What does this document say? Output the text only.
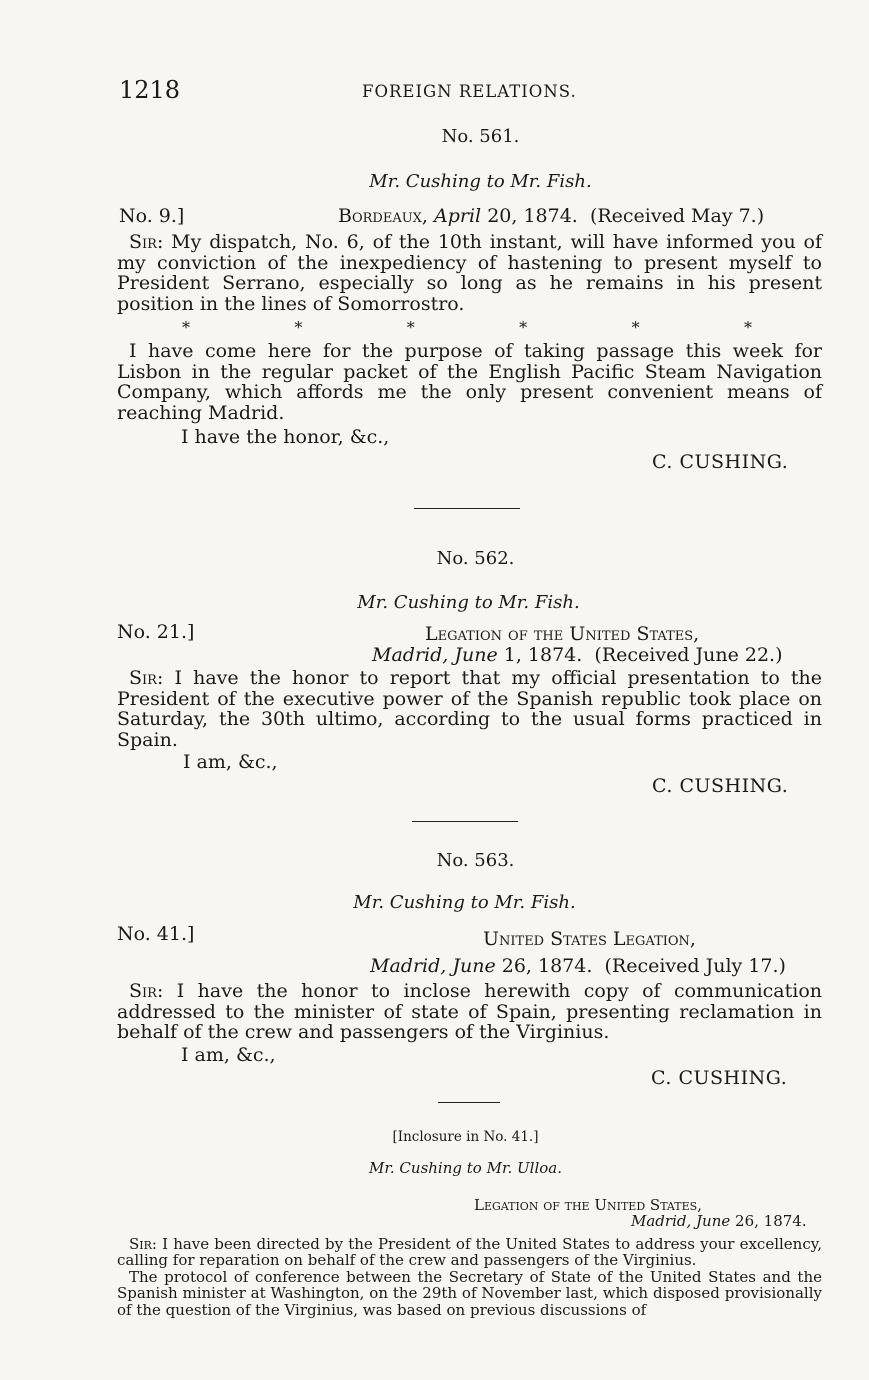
1218	FOREIGN RELATIONS.
No. 561.
Mr. Cushing to Mr. Fish.
No. 9.]	Bordeaux, April 20, 1874. (Received May 7.)
Sir: My dispatch, No. 6, of the 10th instant, will have informed you of my conviction of the inexpediency of hastening to present myself to President Serrano, especially so long as he remains in his present position in the lines of Somorrostro.
*	*	*	*	*	*
I have come here for the purpose of taking passage this week for Lisbon in the regular packet of the English Pacific Steam Navigation Company, which affords me the only present convenient means of reaching Madrid.
I have the honor, &c.,
C. CUSHING.
No. 562.
Mr. Cushing to Mr. Fish.
No. 21.]	Legation of the United States,
Madrid, June 1, 1874. (Received June 22.)
Sir: I have the honor to report that my official presentation to the President of the executive power of the Spanish republic took place on Saturday, the 30th ultimo, according to the usual forms practiced in Spain.
I am, &c.,
C. CUSHING.
No. 563.
Mr. Cushing to Mr. Fish.
No. 41.]	United States Legation,
Madrid, June 26, 1874. (Received July 17.)
Sir: I have the honor to inclose herewith copy of communication addressed to the minister of state of Spain, presenting reclamation in behalf of the crew and passengers of the Virginius.
I am, &c.,
C. CUSHING.
[Inclosure in No. 41.]
Mr. Cushing to Mr. Ulloa.
Legation of the United States,
Madrid, June 26, 1874.
Sir: I have been directed by the President of the United States to address your excellency, calling for reparation on behalf of the crew and passengers of the Virginius.
The protocol of conference between the Secretary of State of the United States and the Spanish minister at Washington, on the 29th of November last, which disposed provisionally of the question of the Virginius, was based on previous discussions of
